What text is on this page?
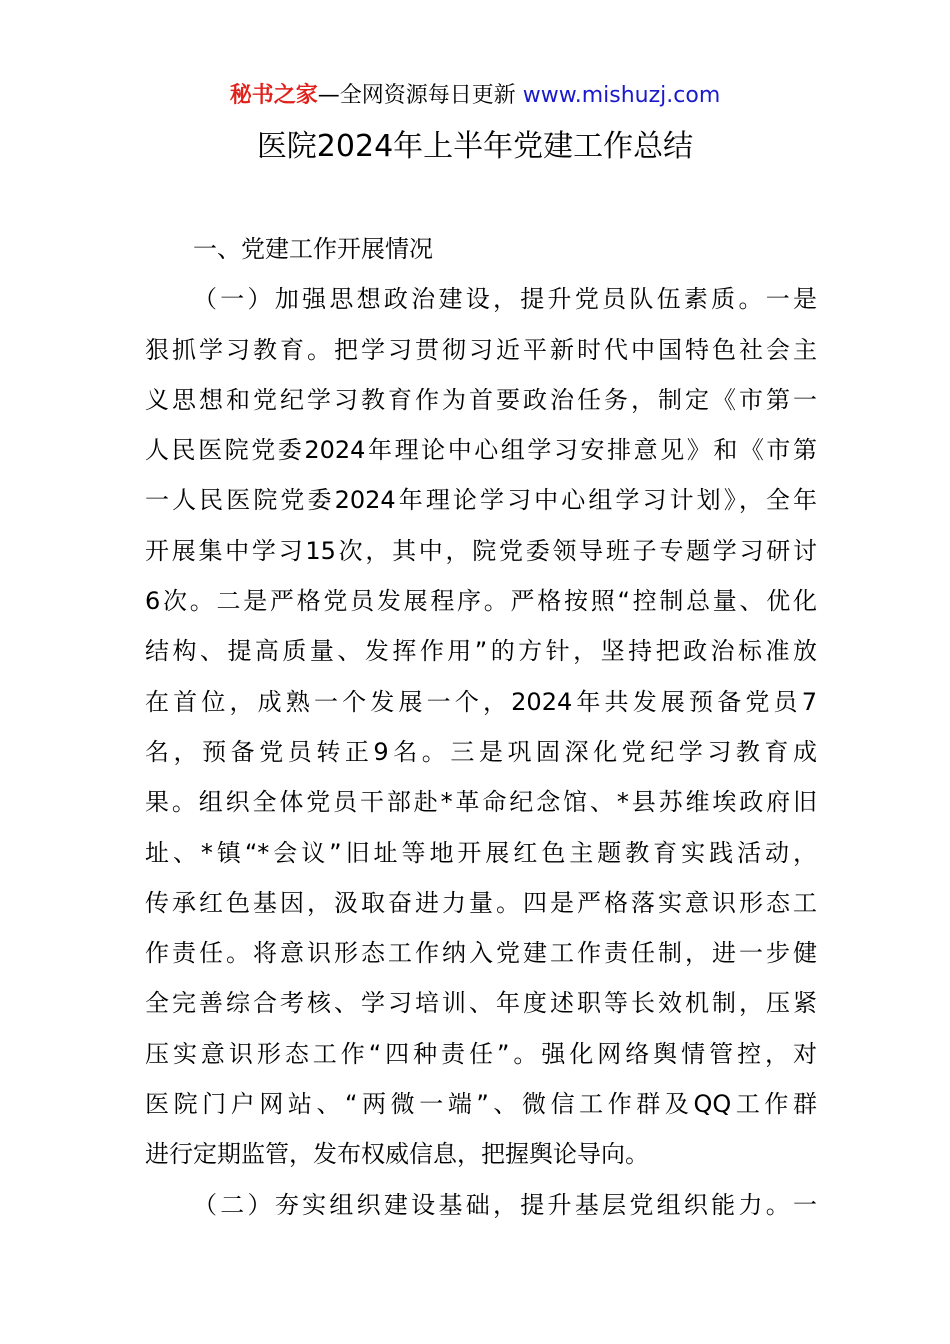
秘书之家—全网资源每日更新 www.mishuzj.com
医院2024年上半年党建工作总结
一、党建工作开展情况
（一）加强思想政治建设，提升党员队伍素质。一是
狠抓学习教育。把学习贯彻习近平新时代中国特色社会主
义思想和党纪学习教育作为首要政治任务，制定《市第一
人民医院党委2024年理论中心组学习安排意见》和《市第
一人民医院党委2024年理论学习中心组学习计划》，全年
开展集中学习15次，其中，院党委领导班子专题学习研讨
6次。二是严格党员发展程序。严格按照“控制总量、优化
结构、提高质量、发挥作用”的方针，坚持把政治标准放
在首位，成熟一个发展一个，2024年共发展预备党员7
名，预备党员转正9名。三是巩固深化党纪学习教育成
果。组织全体党员干部赴*革命纪念馆、*县苏维埃政府旧
址、*镇“*会议”旧址等地开展红色主题教育实践活动，
传承红色基因，汲取奋进力量。四是严格落实意识形态工
作责任。将意识形态工作纳入党建工作责任制，进一步健
全完善综合考核、学习培训、年度述职等长效机制，压紧
压实意识形态工作“四种责任”。强化网络舆情管控，对
医院门户网站、“两微一端”、微信工作群及QQ工作群
进行定期监管，发布权威信息，把握舆论导向。
（二）夯实组织建设基础，提升基层党组织能力。一
